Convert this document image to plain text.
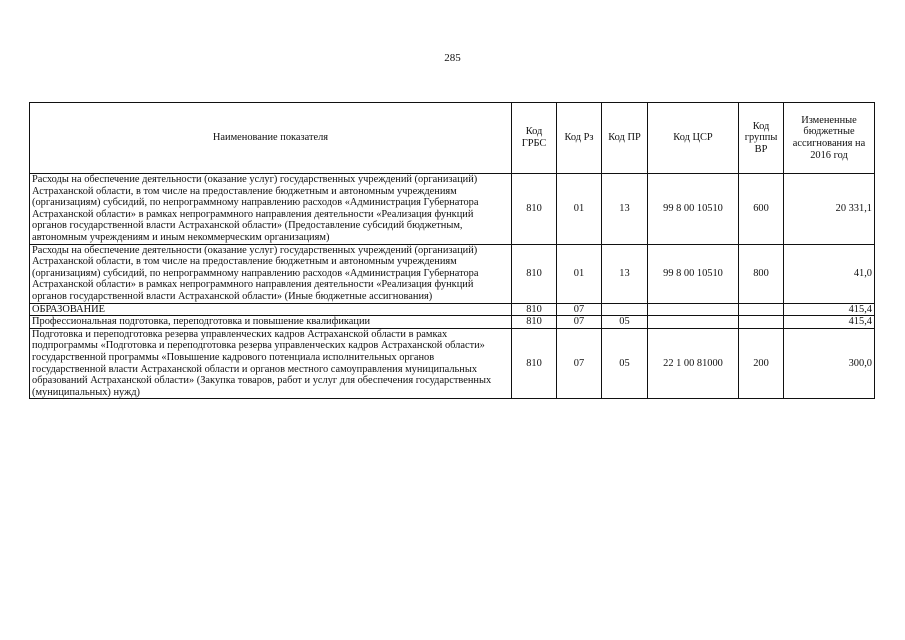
285
Наименование показателя	Код ГРБС	Код Рз	Код ПР	Код ЦСР	Код группы ВР	Измененные бюджетные ассигнования на 2016 год
Расходы на обеспечение деятельности (оказание услуг) государственных учреждений (организаций) Астраханской области, в том числе на предоставление бюджетным и автономным учреждениям (организациям) субсидий, по непрограммному направлению расходов «Администрация Губернатора Астраханской области» в рамках непрограммного направления деятельности «Реализация функций органов государственной власти Астраханской области» (Предоставление субсидий бюджетным, автономным учреждениям и иным некоммерческим организациям)	810	01	13	99 8 00 10510	600	20 331,1
Расходы на обеспечение деятельности (оказание услуг) государственных учреждений (организаций) Астраханской области, в том числе на предоставление бюджетным и автономным учреждениям (организациям) субсидий, по непрограммному направлению расходов «Администрация Губернатора Астраханской области» в рамках непрограммного направления деятельности «Реализация функций органов государственной власти Астраханской области» (Иные бюджетные ассигнования)	810	01	13	99 8 00 10510	800	41,0
ОБРАЗОВАНИЕ	810	07				415,4
Профессиональная подготовка, переподготовка и повышение квалификации	810	07	05			415,4
Подготовка и переподготовка резерва управленческих кадров Астраханской области в рамках подпрограммы «Подготовка и переподготовка резерва управленческих кадров Астраханской области» государственной программы «Повышение кадрового потенциала исполнительных органов государственной власти Астраханской области и органов местного самоуправления муниципальных образований Астраханской области» (Закупка товаров, работ и услуг для обеспечения государственных (муниципальных) нужд)	810	07	05	22 1 00 81000	200	300,0
